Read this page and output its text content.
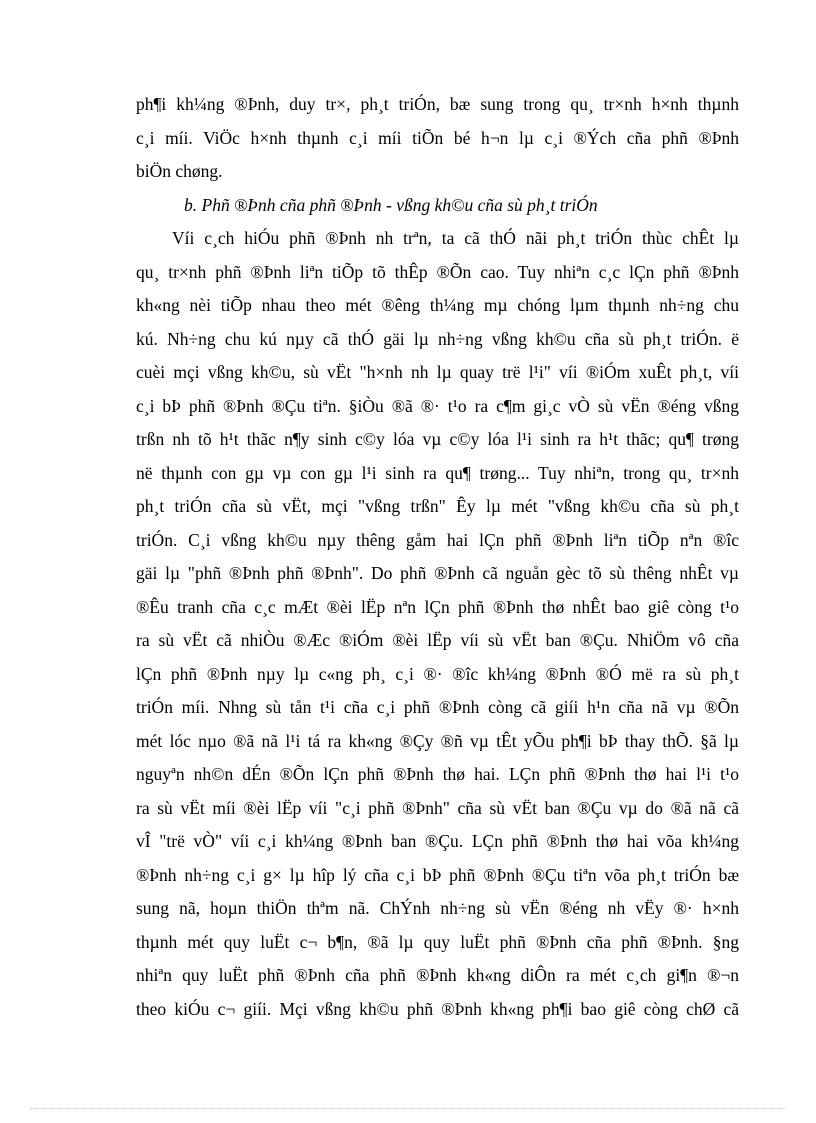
ph¶i kh¼ng ®Þnh, duy tr×, ph¸t triÓn, bæ sung trong qu¸ tr×nh h×nh thµnh
c¸i míi. ViÖc h×nh thµnh c¸i míi tiÕn bé h¬n lµ c¸i ®Ých cña phñ ®Þnh
biÖn chøng.
b. Phñ ®Þnh cña phñ ®Þnh - vßng kh©u cña sù ph¸t triÓn
Víi c¸ch hiÓu phñ ®Þnh nh trªn, ta cã thÓ nãi ph¸t triÓn thùc chÊt lµ
qu¸ tr×nh phñ ®Þnh liªn tiÕp tõ thÊp ®Õn cao. Tuy nhiªn c¸c lÇn phñ ®Þnh
kh«ng nèi tiÕp nhau theo mét ®êng th¼ng mµ chóng lµm thµnh nh÷ng chu
kú. Nh÷ng chu kú nµy cã thÓ gäi lµ nh÷ng vßng kh©u cña sù ph¸t triÓn. ë
cuèi mçi vßng kh©u, sù vËt "h×nh nh lµ quay trë l¹i" víi ®iÓm xuÊt ph¸t, víi
c¸i bÞ phñ ®Þnh ®Çu tiªn. §iÒu ®ã ®· t¹o ra c¶m gi¸c vÒ sù vËn ®éng vßng
trßn nh tõ h¹t thãc n¶y sinh c©y lóa vµ c©y lóa l¹i sinh ra h¹t thãc; qu¶ trøng
në thµnh con gµ vµ con gµ l¹i sinh ra qu¶ trøng... Tuy nhiªn, trong qu¸ tr×nh
ph¸t triÓn cña sù vËt, mçi "vßng trßn" Êy lµ mét "vßng kh©u cña sù ph¸t
triÓn. C¸i vßng kh©u nµy thêng gåm hai lÇn phñ ®Þnh liªn tiÕp nªn ®îc
gäi lµ "phñ ®Þnh phñ ®Þnh". Do phñ ®Þnh cã nguån gèc tõ sù thêng nhÊt vµ
®Êu tranh cña c¸c mÆt ®èi lËp nªn lÇn phñ ®Þnh thø nhÊt bao giê còng t¹o
ra sù vËt cã nhiÒu ®Æc ®iÓm ®èi lËp víi sù vËt ban ®Çu. NhiÖm vô cña
lÇn phñ ®Þnh nµy lµ c«ng ph¸ c¸i ®· ®îc kh¼ng ®Þnh ®Ó më ra sù ph¸t
triÓn míi. Nhng sù tån t¹i cña c¸i phñ ®Þnh còng cã giíi h¹n cña nã vµ ®Õn
mét lóc nµo ®ã nã l¹i tá ra kh«ng ®Çy ®ñ vµ tÊt yÕu ph¶i bÞ thay thÕ. §ã lµ
nguyªn nh©n dÉn ®Õn lÇn phñ ®Þnh thø hai. LÇn phñ ®Þnh thø hai l¹i t¹o
ra sù vËt míi ®èi lËp víi "c¸i phñ ®Þnh" cña sù vËt ban ®Çu vµ do ®ã nã cã
vÎ "trë vÒ" víi c¸i kh¼ng ®Þnh ban ®Çu. LÇn phñ ®Þnh thø hai võa kh¼ng
®Þnh nh÷ng c¸i g× lµ hîp lý cña c¸i bÞ phñ ®Þnh ®Çu tiªn võa ph¸t triÓn bæ
sung nã, hoµn thiÖn thªm nã. ChÝnh nh÷ng sù vËn ®éng nh vËy ®· h×nh
thµnh mét quy luËt c¬ b¶n, ®ã lµ quy luËt phñ ®Þnh cña phñ ®Þnh. §ng
nhiªn quy luËt phñ ®Þnh cña phñ ®Þnh kh«ng diÔn ra mét c¸ch gi¶n ®¬n
theo kiÓu c¬ giíi. Mçi vßng kh©u phñ ®Þnh kh«ng ph¶i bao giê còng chØ cã
